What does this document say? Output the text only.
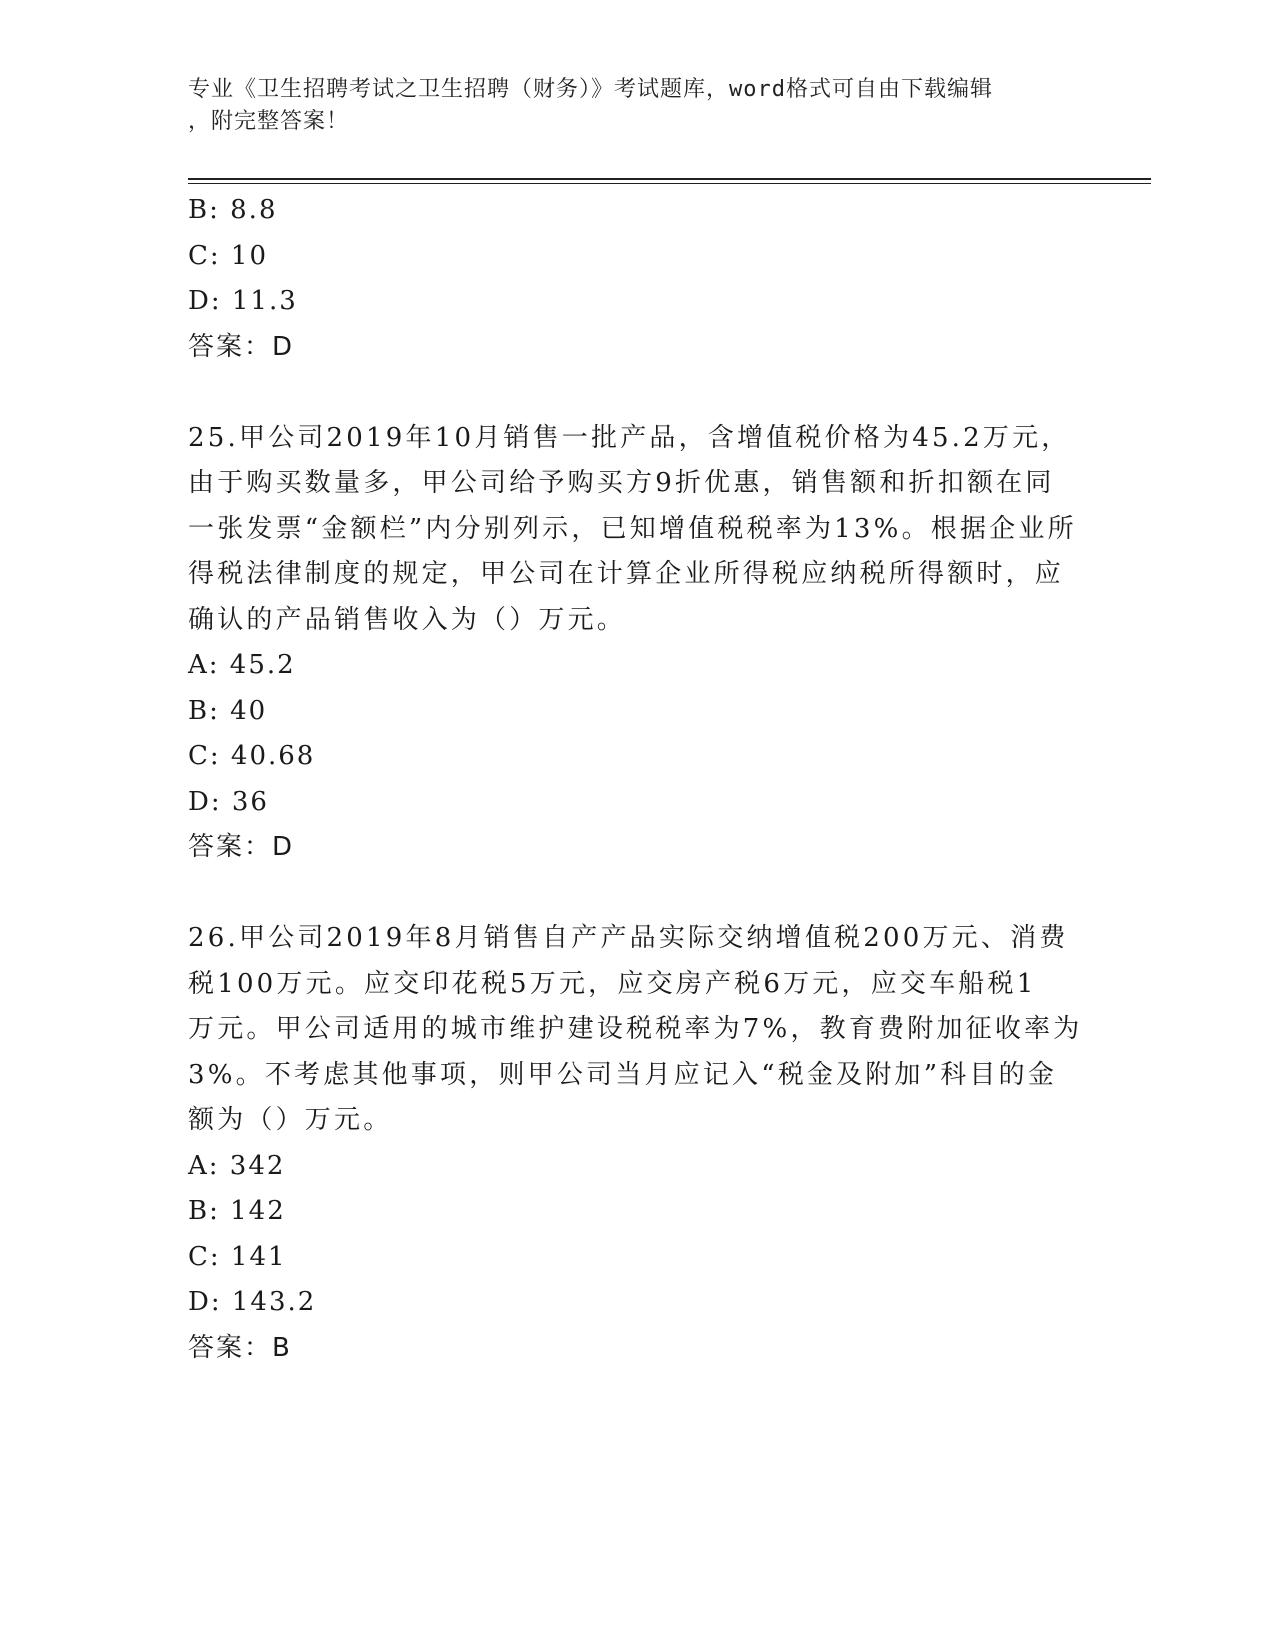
专业《卫生招聘考试之卫生招聘（财务）》考试题库，word格式可自由下载编辑
，附完整答案！
B: 8.8
C: 10
D: 11.3
答案：D
25.甲公司2019年10月销售一批产品，含增值税价格为45.2万元，
由于购买数量多，甲公司给予购买方9折优惠，销售额和折扣额在同
一张发票“金额栏”内分别列示，已知增值税税率为13%。根据企业所
得税法律制度的规定，甲公司在计算企业所得税应纳税所得额时，应
确认的产品销售收入为（）万元。
A: 45.2
B: 40
C: 40.68
D: 36
答案：D
26.甲公司2019年8月销售自产产品实际交纳增值税200万元、消费
税100万元。应交印花税5万元，应交房产税6万元，应交车船税1
万元。甲公司适用的城市维护建设税税率为7%，教育费附加征收率为
3%。不考虑其他事项，则甲公司当月应记入“税金及附加”科目的金
额为（）万元。
A: 342
B: 142
C: 141
D: 143.2
答案：B
